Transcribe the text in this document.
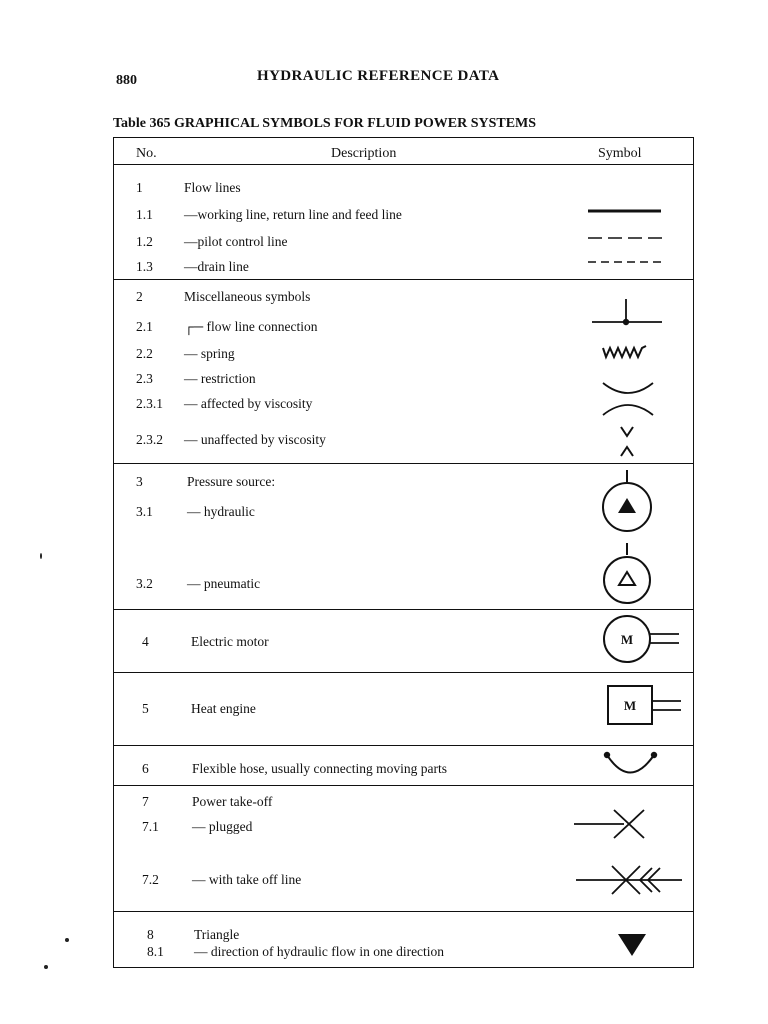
880	HYDRAULIC REFERENCE DATA
Table 365 GRAPHICAL SYMBOLS FOR FLUID POWER SYSTEMS
No.	Description	Symbol
1	Flow lines
1.1 —working line, return line and feed line
1.2 —pilot control line
1.3 —drain line
2	Miscellaneous symbols
2.1 ┌─ flow line connection
2.2 — spring
2.3 — restriction
2.3.1 — affected by viscosity
2.3.2 — unaffected by viscosity
3	Pressure source:
3.1	— hydraulic
3.2	— pneumatic
4	Electric motor	M
5	Heat engine	M
6	Flexible hose, usually connecting moving parts
7	Power take-off
7.1 — plugged
7.2 — with take off line
8	Triangle
8.1 — direction of hydraulic flow in one direction
